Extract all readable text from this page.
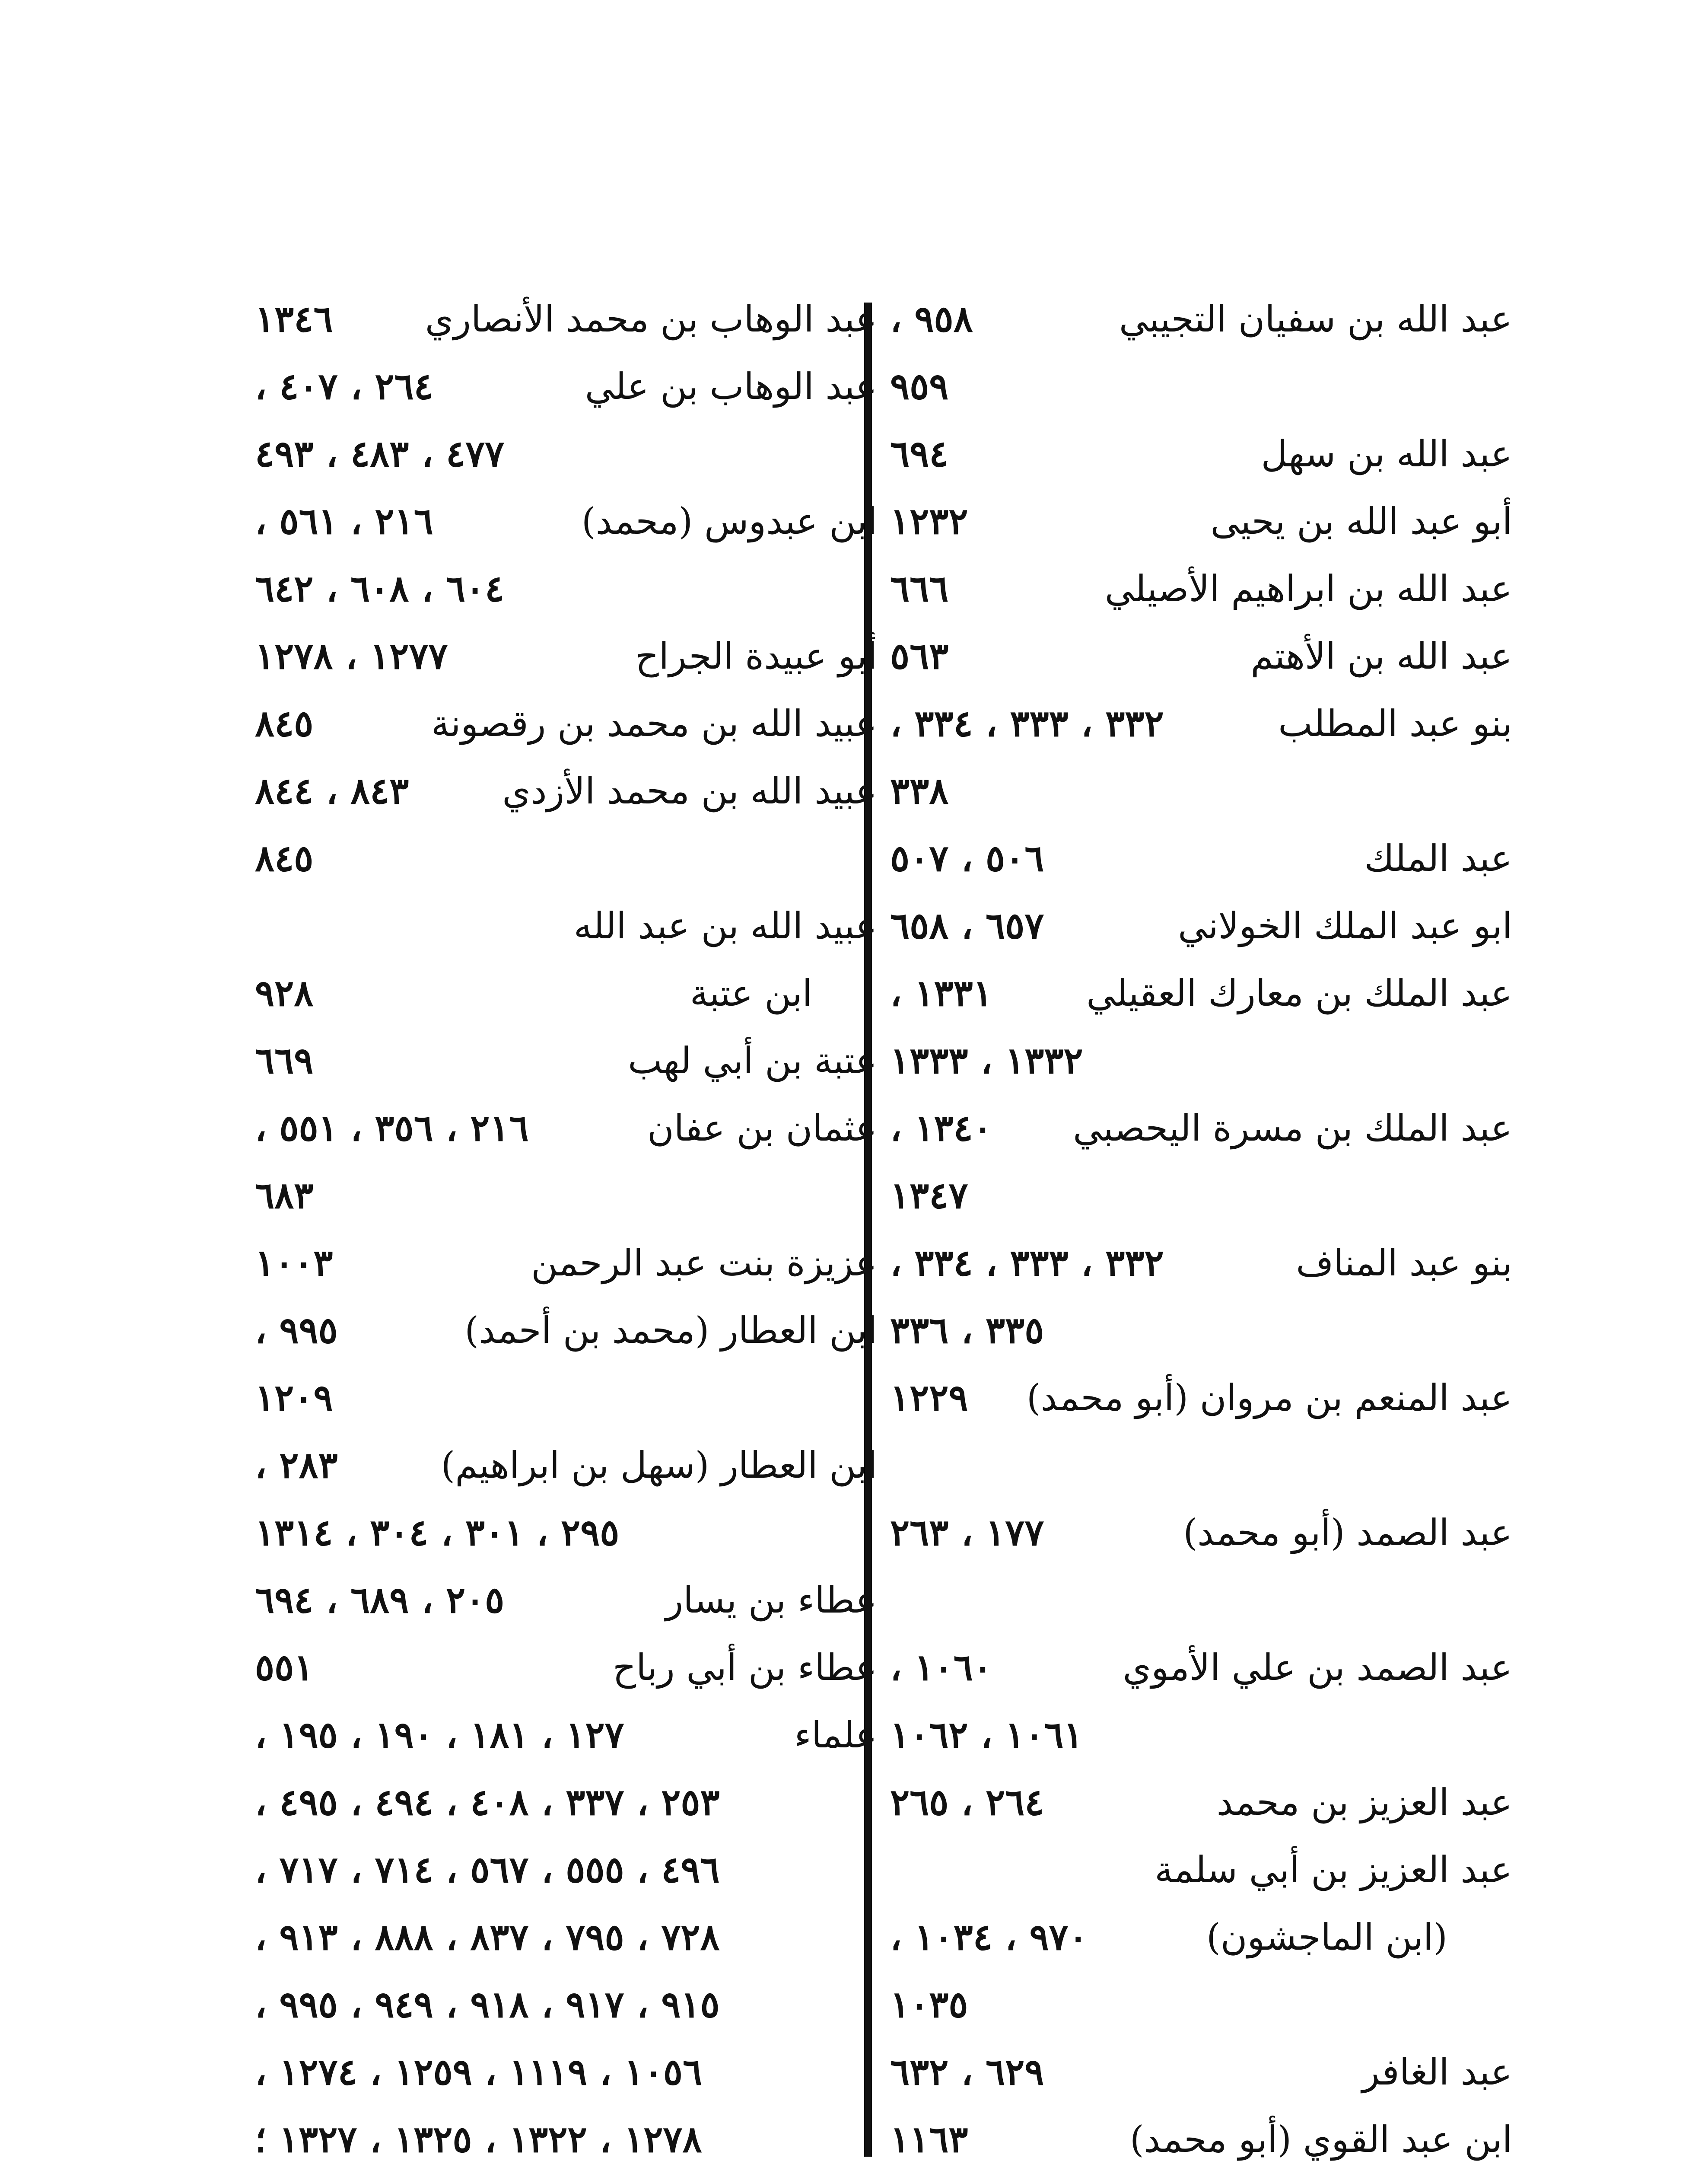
عبد الله بن سفيان التجيبي
٩٥٨ ،
٩٥٩
عبد الله بن سهل
٦٩٤
أبو عبد الله بن يحيى
١٢٣٢
عبد الله بن ابراهيم الأصيلي
٦٦٦
عبد الله بن الأهتم
٥٦٣
بنو عبد المطلب
٣٣٢ ، ٣٣٣ ، ٣٣٤ ،
٣٣٨
عبد الملك
٥٠٦ ، ٥٠٧
ابو عبد الملك الخولاني
٦٥٧ ، ٦٥٨
عبد الملك بن معارك العقيلي
١٣٣١ ،
١٣٣٢ ، ١٣٣٣
عبد الملك بن مسرة اليحصبي
١٣٤٠ ،
١٣٤٧
بنو عبد المناف
٣٣٢ ، ٣٣٣ ، ٣٣٤ ،
٣٣٥ ، ٣٣٦
عبد المنعم بن مروان (أبو محمد)
١٢٢٩
عبد الصمد (أبو محمد)
١٧٧ ، ٢٦٣
عبد الصمد بن علي الأموي
١٠٦٠ ،
١٠٦١ ، ١٠٦٢
عبد العزيز بن محمد
٢٦٤ ، ٢٦٥
عبد العزيز بن أبي سلمة
(ابن الماجشون)
٩٧٠ ، ١٠٣٤ ،
١٠٣٥
عبد الغافر
٦٢٩ ، ٦٣٢
ابن عبد القوي (أبو محمد)
١١٦٣
عبد الوهاب بن محمد الأنصاري
١٣٤٦
عبد الوهاب بن علي
٢٦٤ ، ٤٠٧ ،
٤٧٧ ، ٤٨٣ ، ٤٩٣
ابن عبدوس (محمد)
٢١٦ ، ٥٦١ ،
٦٠٤ ، ٦٠٨ ، ٦٤٢
أبو عبيدة الجراح
١٢٧٧ ، ١٢٧٨
عبيد الله بن محمد بن رقصونة
٨٤٥
عبيد الله بن محمد الأزدي
٨٤٣ ، ٨٤٤
٨٤٥
عبيد الله بن عبد الله
ابن عتبة
٩٢٨
عتبة بن أبي لهب
٦٦٩
عثمان بن عفان
٢١٦ ، ٣٥٦ ، ٥٥١ ،
٦٨٣
عزيزة بنت عبد الرحمن
١٠٠٣
ابن العطار (محمد بن أحمد)
٩٩٥ ،
١٢٠٩
ابن العطار (سهل بن ابراهيم)
٢٨٣ ،
٢٩٥ ، ٣٠١ ، ٣٠٤ ، ١٣١٤
عطاء بن يسار
٢٠٥ ، ٦٨٩ ، ٦٩٤
عطاء بن أبي رباح
٥٥١
علماء
١٢٧ ، ١٨١ ، ١٩٠ ، ١٩٥ ،
٢٥٣ ، ٣٣٧ ، ٤٠٨ ، ٤٩٤ ، ٤٩٥ ،
٤٩٦ ، ٥٥٥ ، ٥٦٧ ، ٧١٤ ، ٧١٧ ،
٧٢٨ ، ٧٩٥ ، ٨٣٧ ، ٨٨٨ ، ٩١٣ ،
٩١٥ ، ٩١٧ ، ٩١٨ ، ٩٤٩ ، ٩٩٥ ،
١٠٥٦ ، ١١١٩ ، ١٢٥٩ ، ١٢٧٤ ،
١٢٧٨ ، ١٣٢٢ ، ١٣٢٥ ، ١٣٢٧ ؛
